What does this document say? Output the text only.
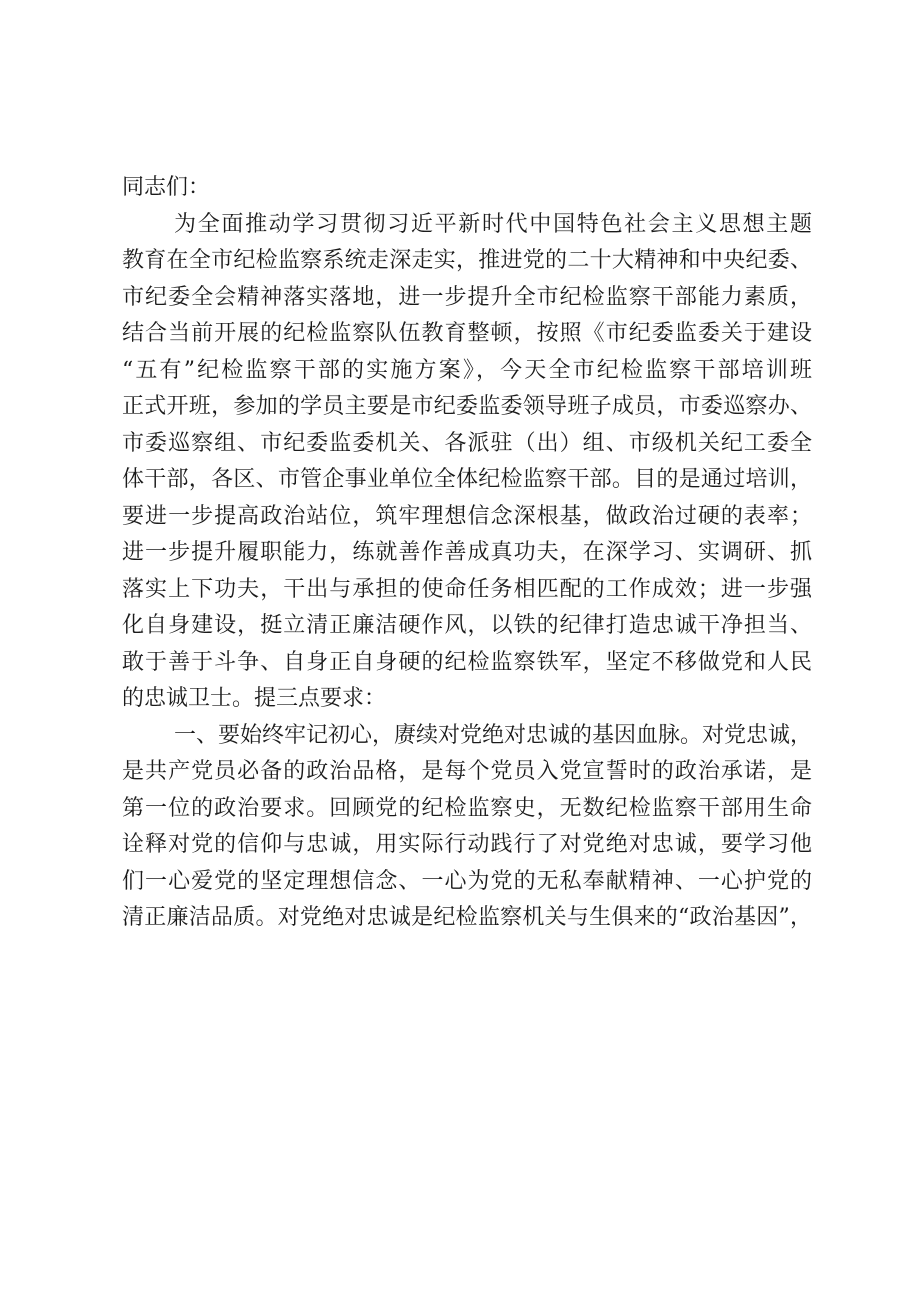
同志们：
为全面推动学习贯彻习近平新时代中国特色社会主义思想主题
教育在全市纪检监察系统走深走实，推进党的二十大精神和中央纪委、
市纪委全会精神落实落地，进一步提升全市纪检监察干部能力素质，
结合当前开展的纪检监察队伍教育整顿，按照《市纪委监委关于建设
“五有”纪检监察干部的实施方案》，今天全市纪检监察干部培训班
正式开班，参加的学员主要是市纪委监委领导班子成员，市委巡察办、
市委巡察组、市纪委监委机关、各派驻（出）组、市级机关纪工委全
体干部，各区、市管企事业单位全体纪检监察干部。目的是通过培训，
要进一步提高政治站位，筑牢理想信念深根基，做政治过硬的表率；
进一步提升履职能力，练就善作善成真功夫，在深学习、实调研、抓
落实上下功夫，干出与承担的使命任务相匹配的工作成效；进一步强
化自身建设，挺立清正廉洁硬作风，以铁的纪律打造忠诚干净担当、
敢于善于斗争、自身正自身硬的纪检监察铁军，坚定不移做党和人民
的忠诚卫士。提三点要求：
一、要始终牢记初心，赓续对党绝对忠诚的基因血脉。对党忠诚，
是共产党员必备的政治品格，是每个党员入党宣誓时的政治承诺，是
第一位的政治要求。回顾党的纪检监察史，无数纪检监察干部用生命
诠释对党的信仰与忠诚，用实际行动践行了对党绝对忠诚，要学习他
们一心爱党的坚定理想信念、一心为党的无私奉献精神、一心护党的
清正廉洁品质。对党绝对忠诚是纪检监察机关与生俱来的“政治基因”，
